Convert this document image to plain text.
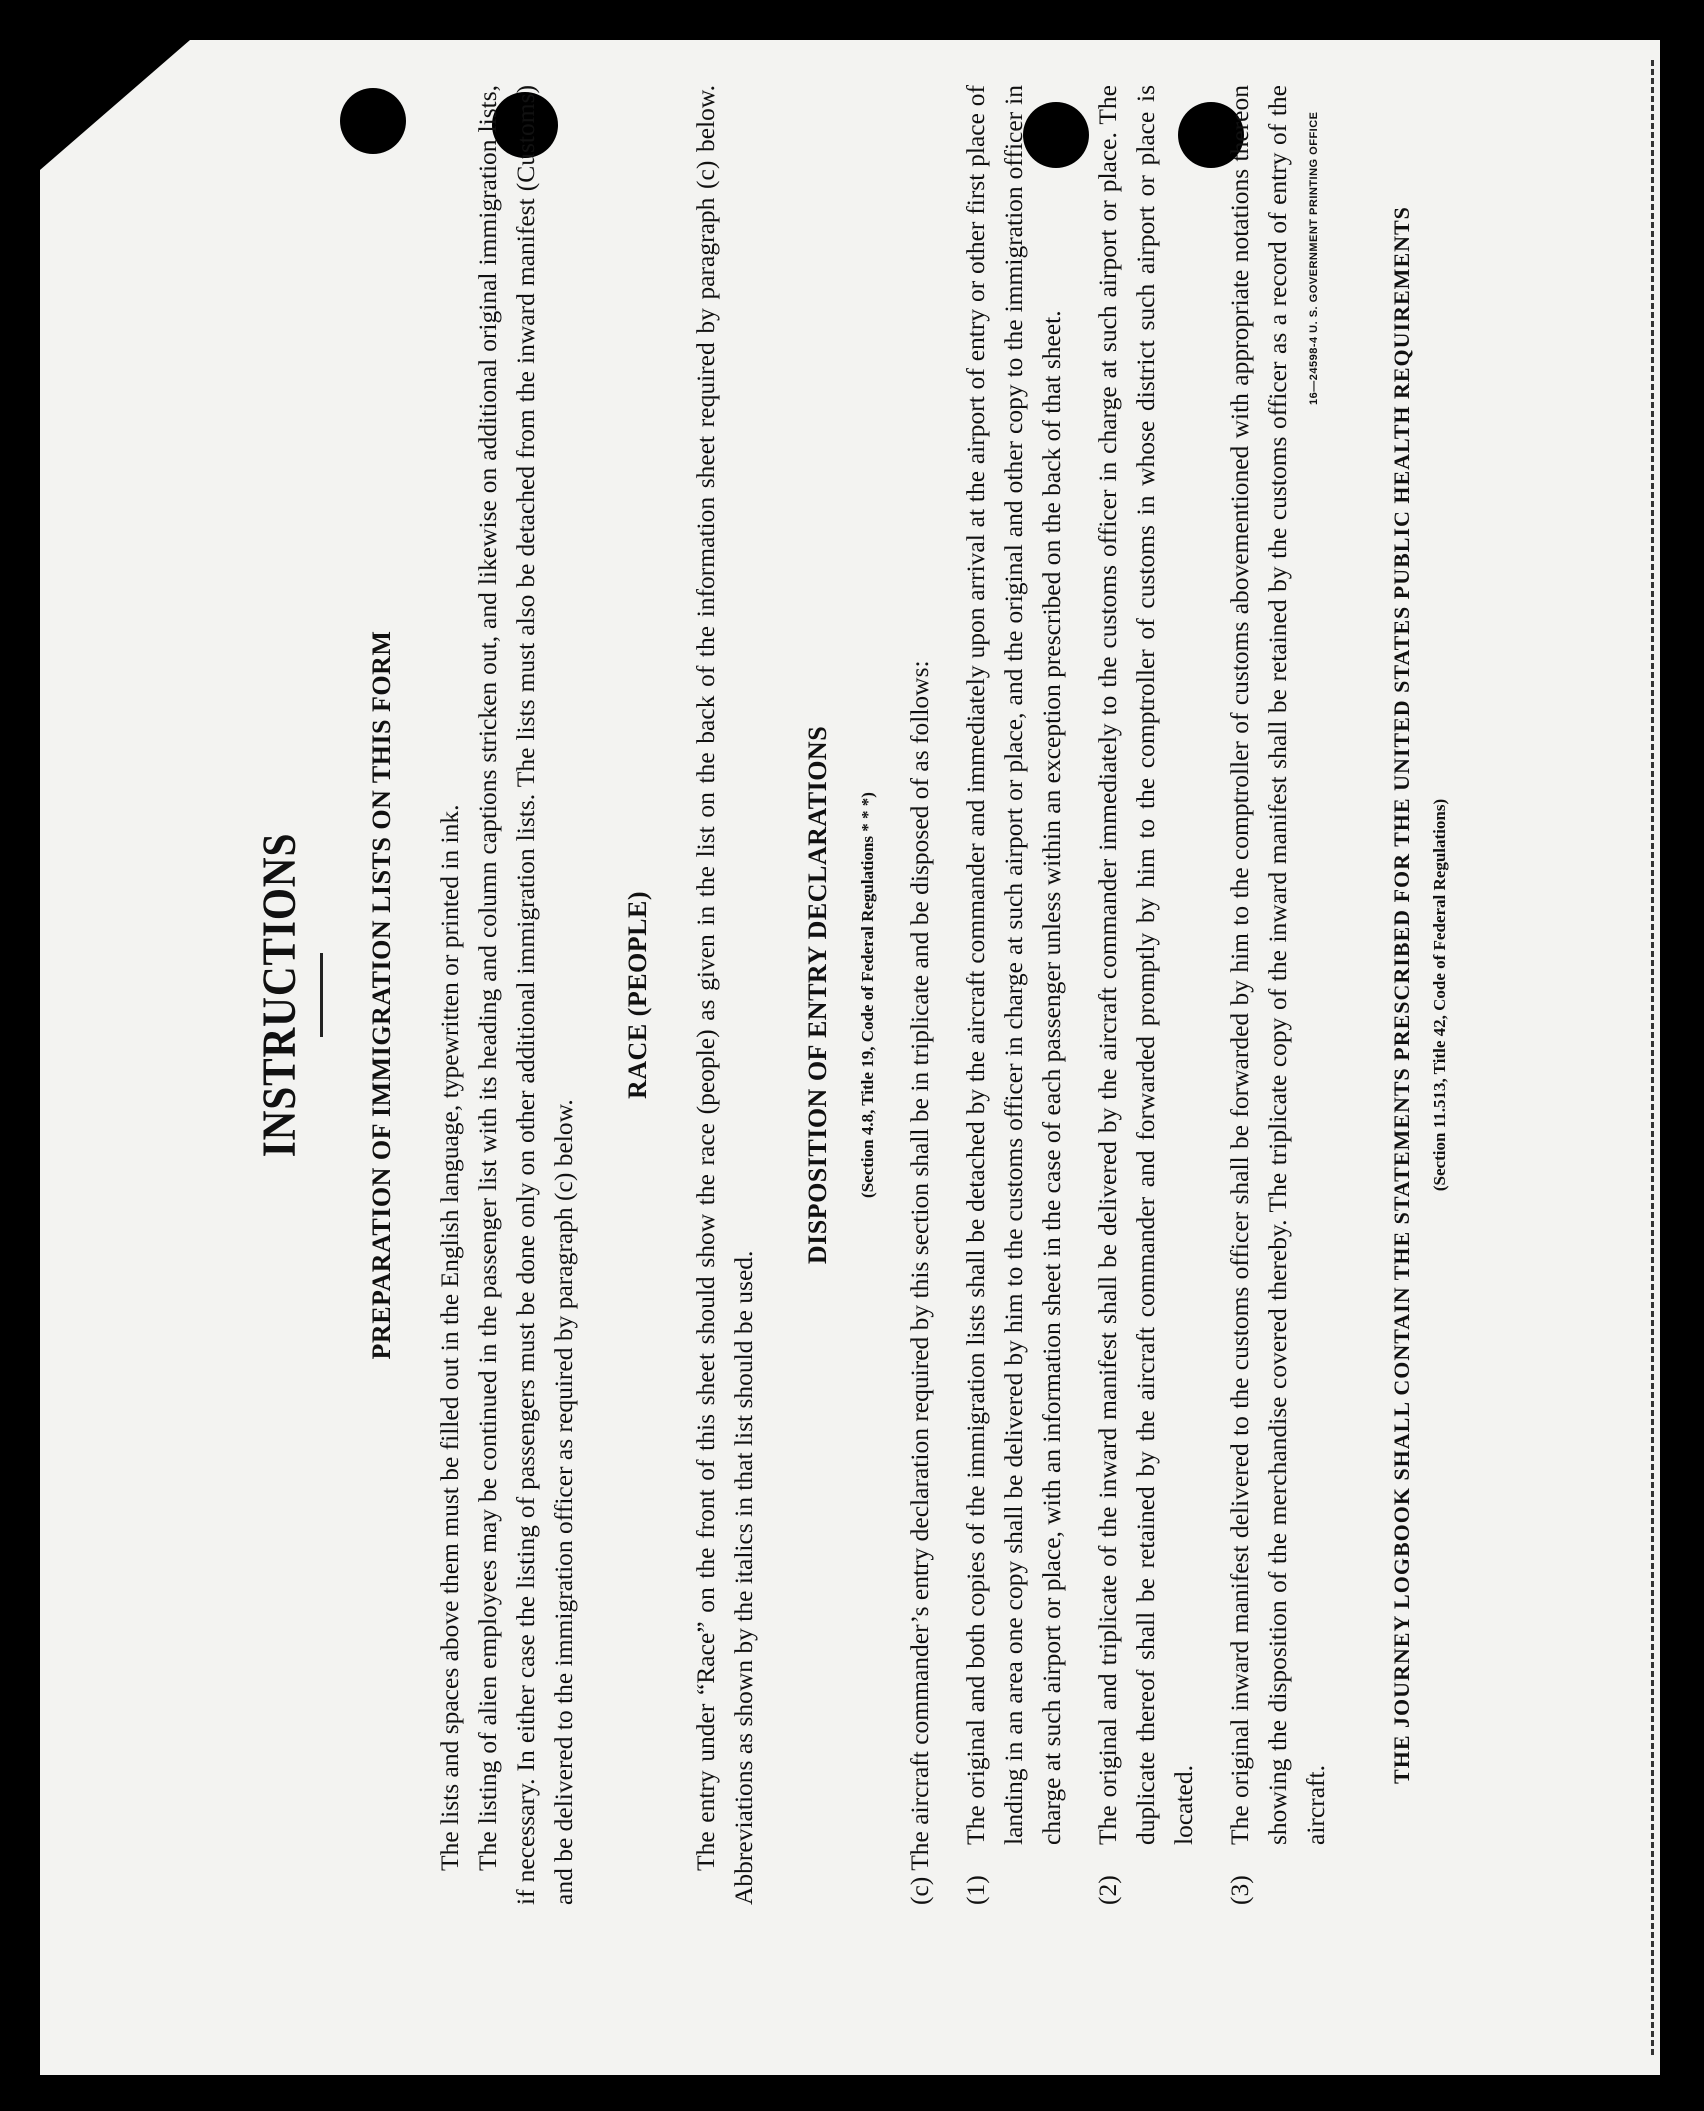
INSTRUCTIONS PREPARATION OF IMMIGRATION LISTS ON THIS FORM The lists and spaces above them must be filled out in the English language, typewritten or printed in ink. The listing of alien employees may be continued in the passenger list with its heading and column captions stricken out, and likewise on additional original immigration lists, if necessary. In either case the listing of passengers must be done only on other additional immigration lists. The lists must also be detached from the inward manifest (Customs) and be delivered to the immigration officer as required by paragraph (c) below.

RACE (PEOPLE) The entry under “Race” on the front of this sheet should show the race (people) as given in the list on the back of the information sheet required by paragraph (c) below. Abbreviations as shown by the italics in that list should be used.

DISPOSITION OF ENTRY DECLARATIONS	(Section 4.8, Title 19, Code of Federal Regulations * * *)	(c) The aircraft commander’s entry declaration required by this section shall be in triplicate and be disposed of as follows: (1)

The original and both copies of the immigration lists shall be detached by the aircraft commander and immediately upon arrival at the airport of entry or other first place of landing in an area one copy shall be delivered by him to the customs officer in charge at such airport or place, and the original and other copy to the immigration officer in charge at such airport or place, with an information sheet in the case of each passenger unless within an exception prescribed on the back of that sheet.

(2)

The original and triplicate of the inward manifest shall be delivered by the aircraft commander immediately to the customs officer in charge at such airport or place. The duplicate thereof shall be retained by the aircraft commander and forwarded promptly by him to the comptroller of customs in whose district such airport or place is located.

(3)

The original inward manifest delivered to the customs officer shall be forwarded by him to the comptroller of customs abovementioned with appropriate notations thereon showing the disposition of the merchandise covered thereby. The triplicate copy of the inward manifest shall be retained by the customs officer as a record of entry of the aircraft.

THE JOURNEY LOGBOOK SHALL CONTAIN THE STATEMENTS PRESCRIBED FOR THE UNITED STATES PUBLIC HEALTH REQUIREMENTS (Section 11.513, Title 42, Code of Federal Regulations)
16—24598-4 U. S. GOVERNMENT PRINTING OFFICE
